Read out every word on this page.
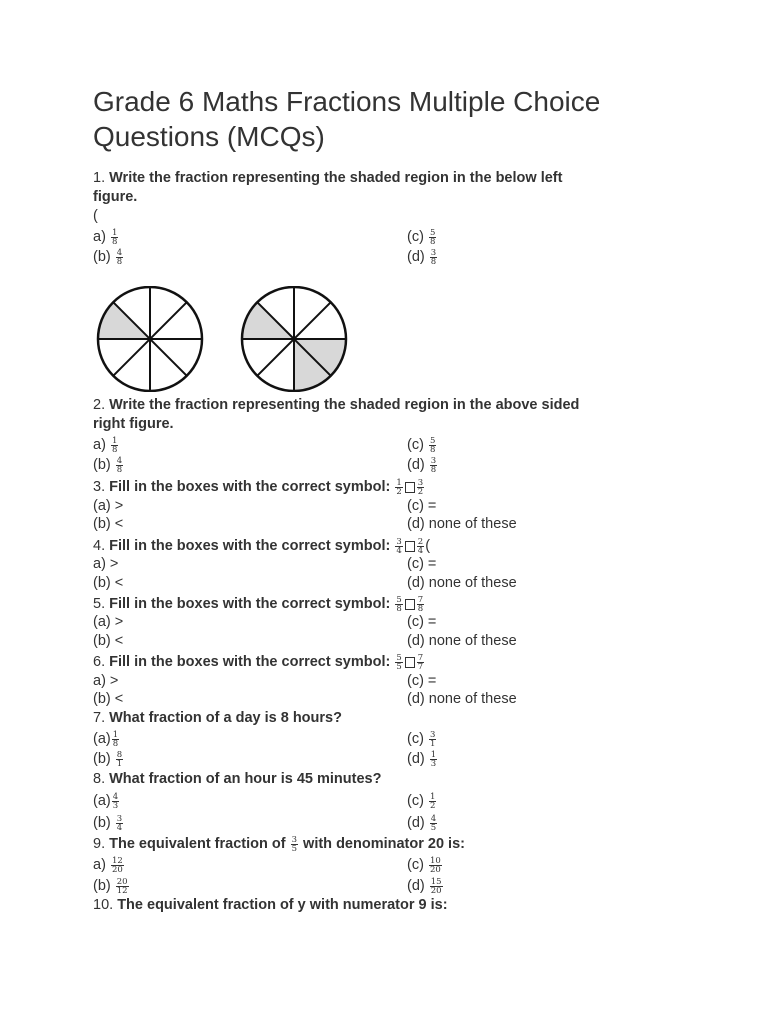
Grade 6 Maths Fractions Multiple Choice Questions (MCQs)
1. Write the fraction representing the shaded region in the below left
figure.
(
$a) \frac{1}{8}$	$(c) \frac{5}{8}$
$(b) \frac{4}{8}$	$(d) \frac{3}{8}$
2. Write the fraction representing the shaded region in the above sided
right figure.
$a) \frac{1}{8}$	$(c) \frac{5}{8}$
$(b) \frac{4}{8}$	$(d) \frac{3}{8}$
3. Fill in the boxes with the correct symbol: $\frac{1}{2} \frac{3}{2}$
(a) >	(c) =
(b) <	(d) none of these
4. Fill in the boxes with the correct symbol: $\frac{3}{4} \frac{2}{4}$ (
a) >	(c) =
(b) <	(d) none of these
5. Fill in the boxes with the correct symbol: $\frac{5}{8} \frac{7}{8}$
(a) >	(c) =
(b) <	(d) none of these
6. Fill in the boxes with the correct symbol: $\frac{5}{5} \frac{7}{7}$
a) >	(c) =
(b) <	(d) none of these
7. What fraction of a day is 8 hours?
$(a) \frac{1}{8}$	$(c) \frac{3}{1}$
$(b) \frac{8}{1}$	$(d) \frac{1}{3}$
8. What fraction of an hour is 45 minutes?
$(a) \frac{4}{3}$	$(c) \frac{1}{2}$
$(b) \frac{3}{4}$	$(d) \frac{4}{5}$
9. The equivalent fraction of $\frac{3}{5}$ with denominator 20 is:
$a) \frac{12}{20}$	$(c) \frac{10}{20}$
$(b) \frac{20}{12}$	$(d) \frac{15}{20}$
10. The equivalent fraction of y with numerator 9 is:
